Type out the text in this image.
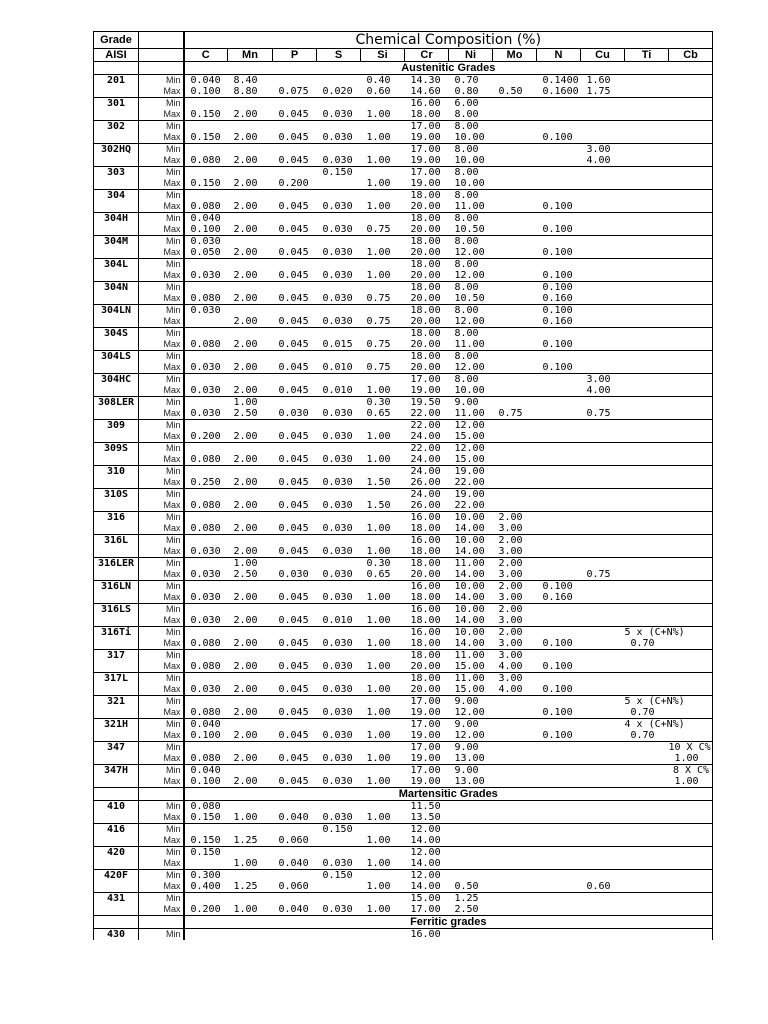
Grade		Chemical Composition (%)											
AISI		C	Mn	P	S	Si	Cr	Ni	Mo	N	Cu	Ti	Cb
		Austenitic Grades											
201	Min	0.040	8.40			0.40	14.30	0.70		0.1400	1.60		
	Max	0.100	8.80	0.075	0.020	0.60	14.60	0.80	0.50	0.1600	1.75		
301	Min						16.00	6.00					
	Max	0.150	2.00	0.045	0.030	1.00	18.00	8.00					
302	Min						17.00	8.00					
	Max	0.150	2.00	0.045	0.030	1.00	19.00	10.00		0.100			
302HQ	Min						17.00	8.00			3.00		
	Max	0.080	2.00	0.045	0.030	1.00	19.00	10.00			4.00		
303	Min				0.150		17.00	8.00					
	Max	0.150	2.00	0.200		1.00	19.00	10.00					
304	Min						18.00	8.00					
	Max	0.080	2.00	0.045	0.030	1.00	20.00	11.00		0.100			
304H	Min	0.040					18.00	8.00					
	Max	0.100	2.00	0.045	0.030	0.75	20.00	10.50		0.100			
304M	Min	0.030					18.00	8.00					
	Max	0.050	2.00	0.045	0.030	1.00	20.00	12.00		0.100			
304L	Min						18.00	8.00					
	Max	0.030	2.00	0.045	0.030	1.00	20.00	12.00		0.100			
304N	Min						18.00	8.00		0.100			
	Max	0.080	2.00	0.045	0.030	0.75	20.00	10.50		0.160			
304LN	Min	0.030					18.00	8.00		0.100			
	Max		2.00	0.045	0.030	0.75	20.00	12.00		0.160			
304S	Min						18.00	8.00					
	Max	0.080	2.00	0.045	0.015	0.75	20.00	11.00		0.100			
304LS	Min						18.00	8.00					
	Max	0.030	2.00	0.045	0.010	0.75	20.00	12.00		0.100			
304HC	Min						17.00	8.00			3.00		
	Max	0.030	2.00	0.045	0.010	1.00	19.00	10.00			4.00		
308LER	Min		1.00			0.30	19.50	9.00					
	Max	0.030	2.50	0.030	0.030	0.65	22.00	11.00	0.75		0.75		
309	Min						22.00	12.00					
	Max	0.200	2.00	0.045	0.030	1.00	24.00	15.00					
309S	Min						22.00	12.00					
	Max	0.080	2.00	0.045	0.030	1.00	24.00	15.00					
310	Min						24.00	19.00					
	Max	0.250	2.00	0.045	0.030	1.50	26.00	22.00					
310S	Min						24.00	19.00					
	Max	0.080	2.00	0.045	0.030	1.50	26.00	22.00					
316	Min						16.00	10.00	2.00				
	Max	0.080	2.00	0.045	0.030	1.00	18.00	14.00	3.00				
316L	Min						16.00	10.00	2.00				
	Max	0.030	2.00	0.045	0.030	1.00	18.00	14.00	3.00				
316LER	Min		1.00			0.30	18.00	11.00	2.00				
	Max	0.030	2.50	0.030	0.030	0.65	20.00	14.00	3.00		0.75		
316LN	Min						16.00	10.00	2.00	0.100			
	Max	0.030	2.00	0.045	0.030	1.00	18.00	14.00	3.00	0.160			
316LS	Min						16.00	10.00	2.00				
	Max	0.030	2.00	0.045	0.010	1.00	18.00	14.00	3.00				
316Ti	Min						16.00	10.00	2.00			5 x (C+N%)	
	Max	0.080	2.00	0.045	0.030	1.00	18.00	14.00	3.00	0.100		0.70	
317	Min						18.00	11.00	3.00				
	Max	0.080	2.00	0.045	0.030	1.00	20.00	15.00	4.00	0.100			
317L	Min						18.00	11.00	3.00				
	Max	0.030	2.00	0.045	0.030	1.00	20.00	15.00	4.00	0.100			
321	Min						17.00	9.00				5 x (C+N%)	
	Max	0.080	2.00	0.045	0.030	1.00	19.00	12.00		0.100		0.70	
321H	Min	0.040					17.00	9.00				4 x (C+N%)	
	Max	0.100	2.00	0.045	0.030	1.00	19.00	12.00		0.100		0.70	
347	Min						17.00	9.00					10 X C%
	Max	0.080	2.00	0.045	0.030	1.00	19.00	13.00					1.00
347H	Min	0.040					17.00	9.00					8 X C%
	Max	0.100	2.00	0.045	0.030	1.00	19.00	13.00					1.00
		Martensitic Grades											
410	Min	0.080					11.50						
	Max	0.150	1.00	0.040	0.030	1.00	13.50						
416	Min				0.150		12.00						
	Max	0.150	1.25	0.060		1.00	14.00						
420	Min	0.150					12.00						
	Max		1.00	0.040	0.030	1.00	14.00						
420F	Min	0.300			0.150		12.00						
	Max	0.400	1.25	0.060		1.00	14.00	0.50			0.60		
431	Min						15.00	1.25					
	Max	0.200	1.00	0.040	0.030	1.00	17.00	2.50					
		Ferritic grades											
430	Min						16.00						
